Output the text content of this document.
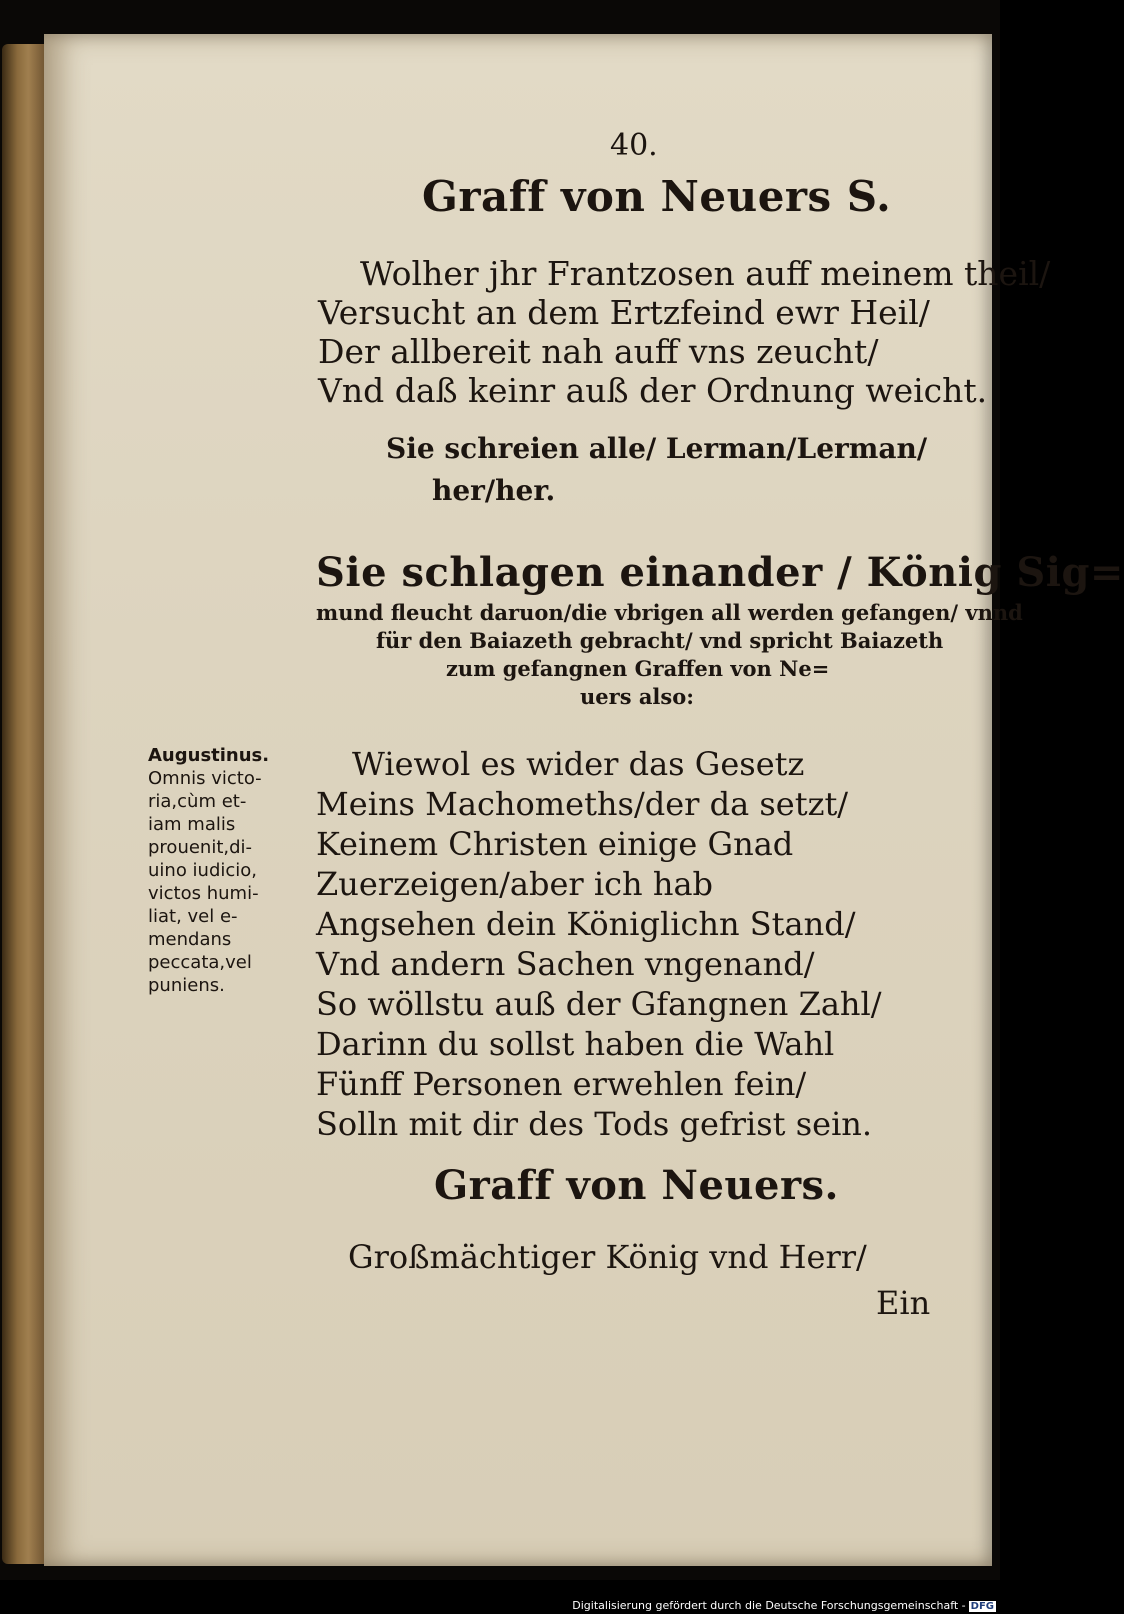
40.
Graff von Neuers S.
Wolher jhr Frantzosen auff meinem theil/
Versucht an dem Ertzfeind ewr Heil/
Der allbereit nah auff vns zeucht/
Vnd daß keinr auß der Ordnung weicht.
Sie schreien alle/ Lerman/Lerman/
her/her.
Sie schlagen einander / König Sig=
mund fleucht daruon/die vbrigen all werden gefangen/ vnnd
für den Baiazeth gebracht/ vnd spricht Baiazeth
zum gefangnen Graffen von Ne=
uers also:
Augustinus.
Omnis victo-
ria,cùm et-
iam malis
prouenit,di-
uino iudicio,
victos humi-
liat, vel e-
mendans
peccata,vel
puniens.
Wiewol es wider das Gesetz
Meins Machomeths/der da setzt/
Keinem Christen einige Gnad
Zuerzeigen/aber ich hab
Angsehen dein Königlichn Stand/
Vnd andern Sachen vngenand/
So wöllstu auß der Gfangnen Zahl/
Darinn du sollst haben die Wahl
Fünff Personen erwehlen fein/
Solln mit dir des Tods gefrist sein.
Graff von Neuers.
Großmächtiger König vnd Herr/
Ein
Digitalisierung gefördert durch die Deutsche Forschungsgemeinschaft - DFG
